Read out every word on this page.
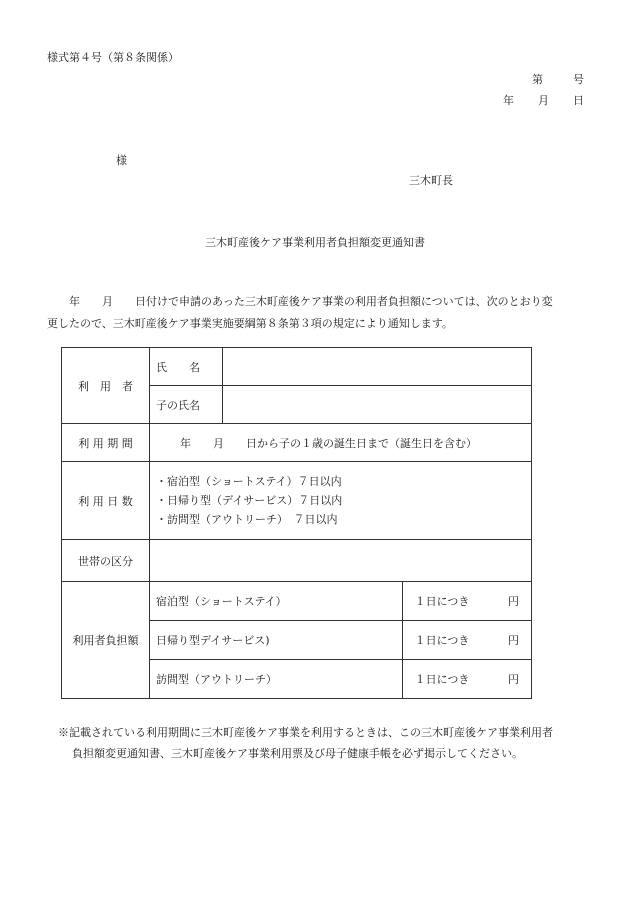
様式第４号（第８条関係）
第	号
年 月 日
様
三木町長
三木町産後ケア事業利用者負担額変更通知書

年　　月　　日付けで申請のあった三木町産後ケア事業の利用者負担額については、次のとおり変

更したので、三木町産後ケア事業実施要綱第８条第３項の規定により通知します。

利　用　者	氏　　名		
	子の氏名		
利 用 期 間	年　　月　　日から子の１歳の誕生日まで（誕生日を含む）		
利 用 日 数	・宿泊型（ショートステイ）７日以内
・日帰り型（デイサービス）７日以内
・訪問型（アウトリーチ）　７日以内		

世帯の区分			
利用者負担額	宿泊型（ショートステイ）		１日につき 円

	日帰り型デイサービス)		１日につき 円

	訪問型（アウトリーチ）		１日につき 円

※記載されている利用期間に三木町産後ケア事業を利用するときは、この三木町産後ケア事業利用者

負担額変更通知書、三木町産後ケア事業利用票及び母子健康手帳を必ず掲示してください。
